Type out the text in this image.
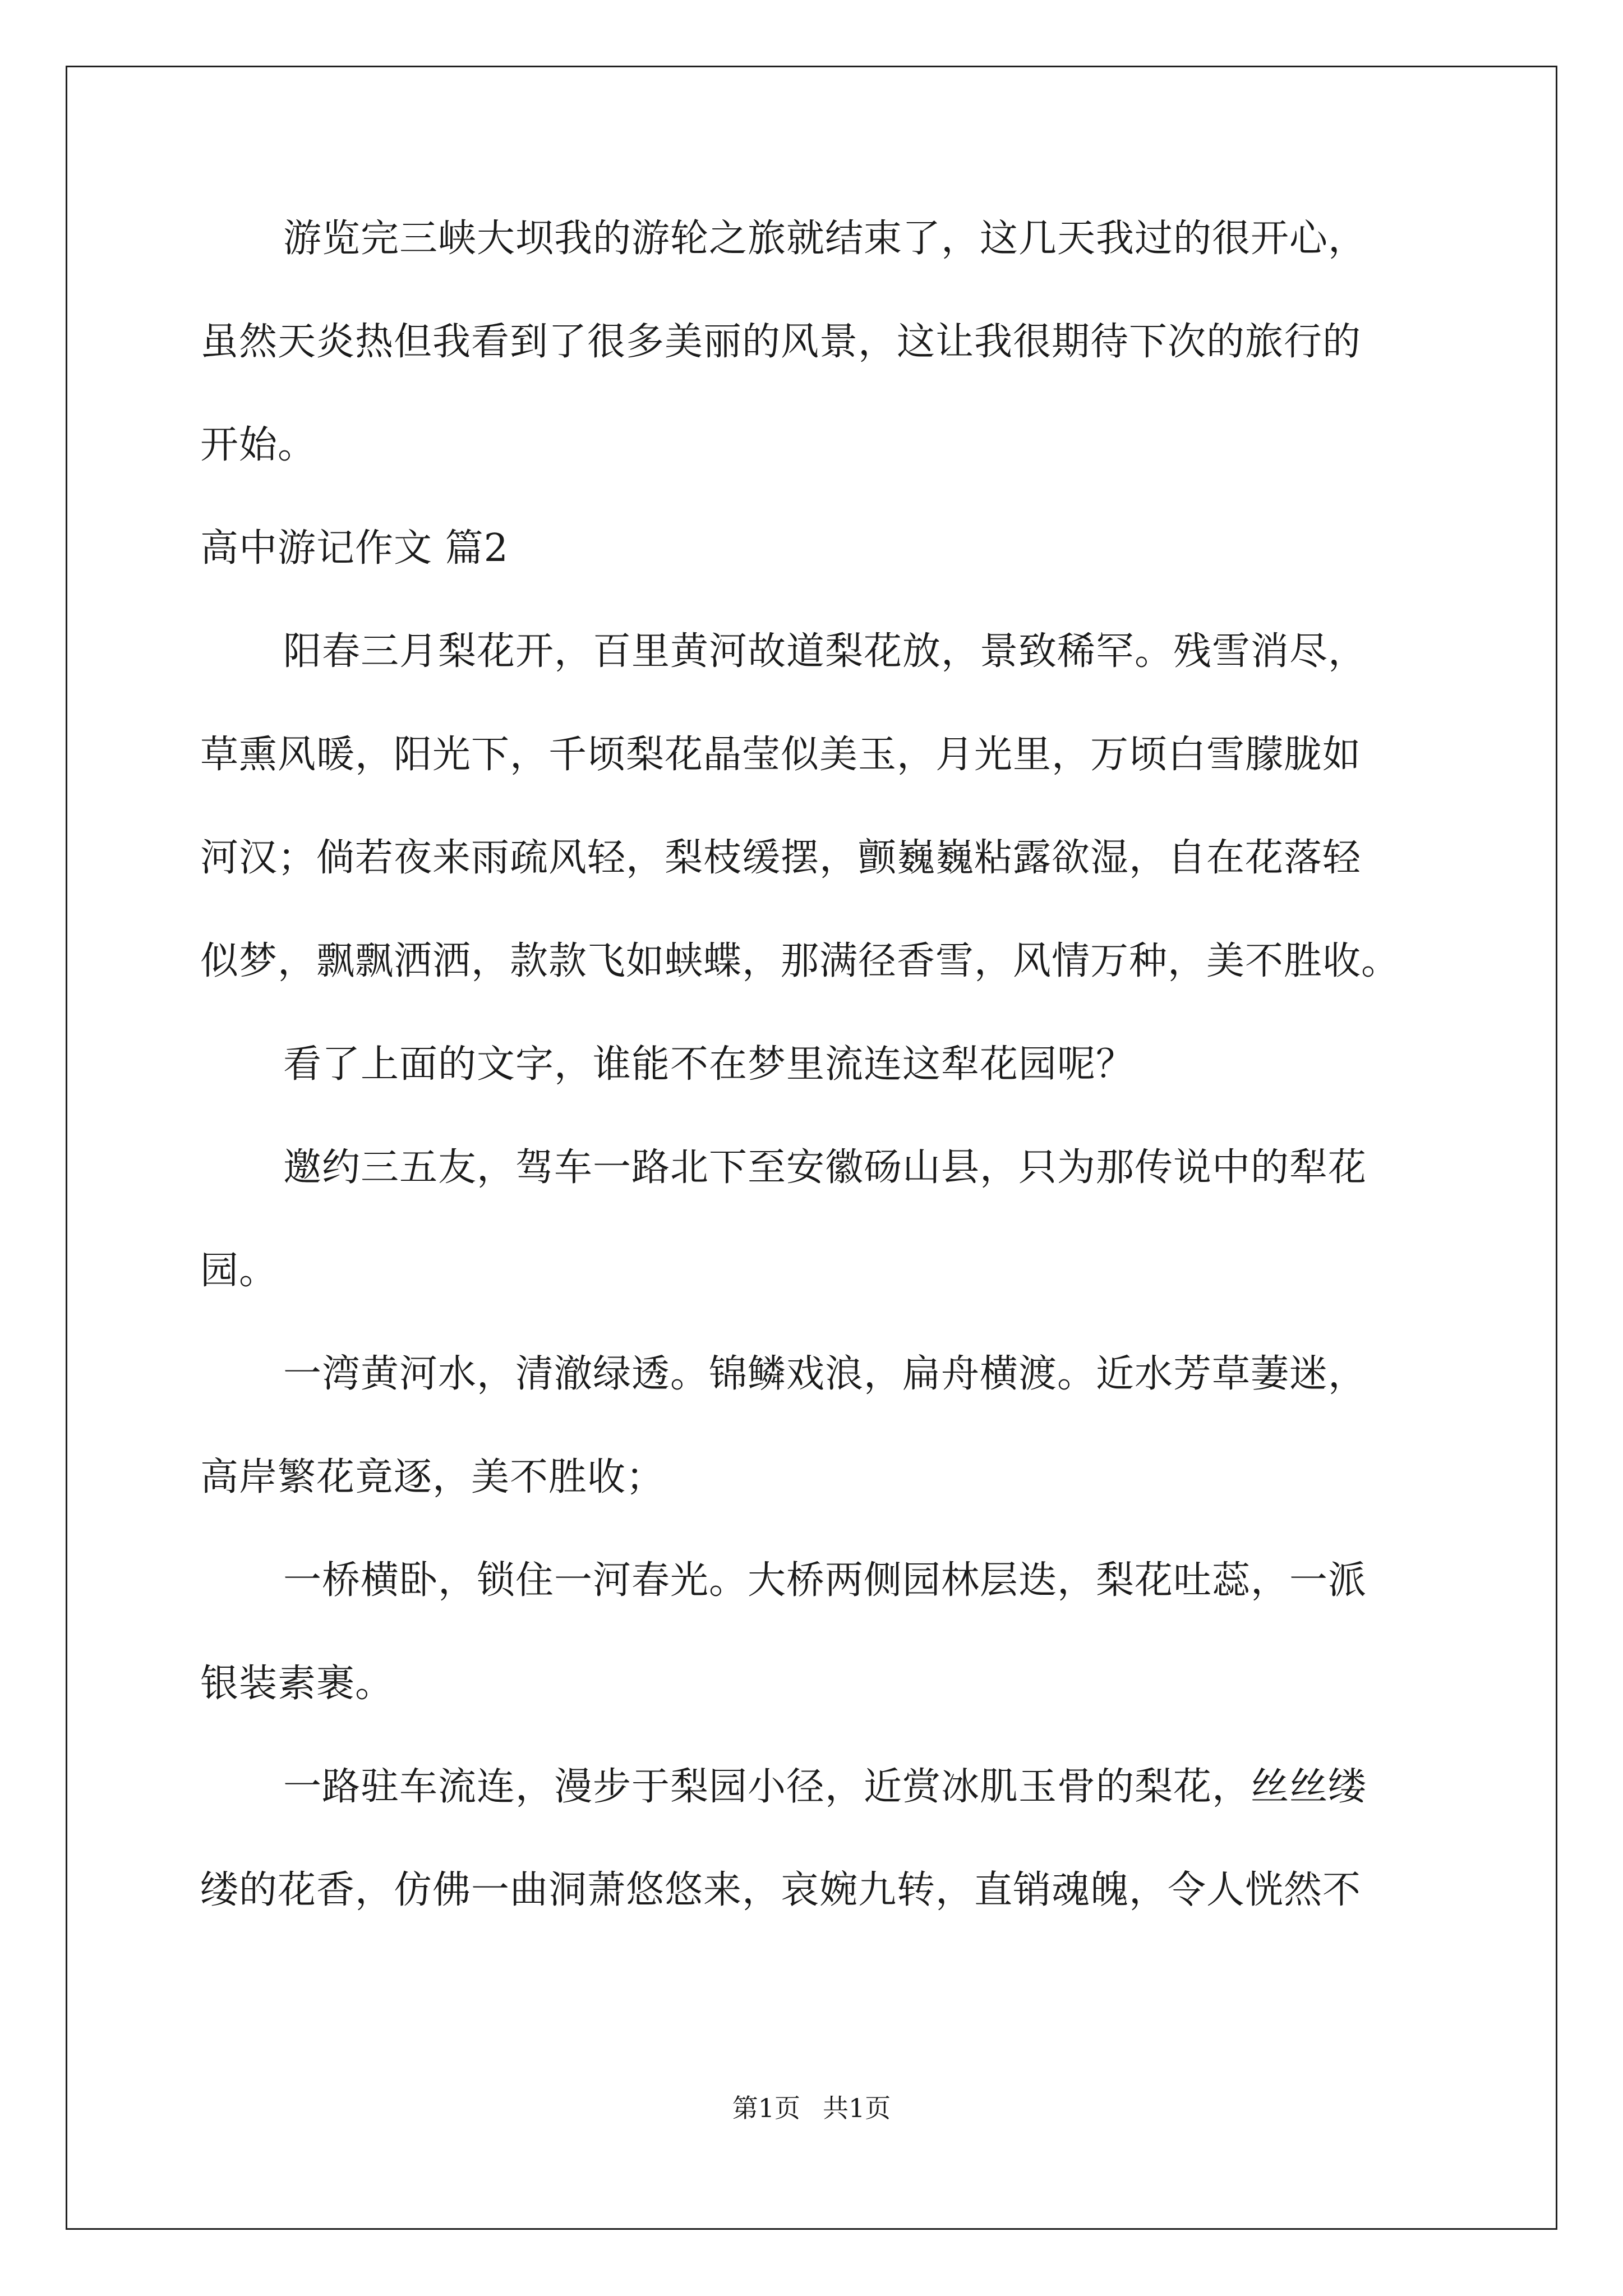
游览完三峡大坝我的游轮之旅就结束了，这几天我过的很开心，
虽然天炎热但我看到了很多美丽的风景，这让我很期待下次的旅行的
开始。
高中游记作文 篇2
阳春三月梨花开，百里黄河故道梨花放，景致稀罕。残雪消尽，
草熏风暖，阳光下，千顷梨花晶莹似美玉，月光里，万顷白雪朦胧如
河汉；倘若夜来雨疏风轻，梨枝缓摆，颤巍巍粘露欲湿，自在花落轻
似梦，飘飘洒洒，款款飞如蛱蝶，那满径香雪，风情万种，美不胜收。
看了上面的文字，谁能不在梦里流连这犁花园呢？
邀约三五友，驾车一路北下至安徽砀山县，只为那传说中的犁花
园。
一湾黄河水，清澈绿透。锦鳞戏浪，扁舟横渡。近水芳草萋迷，
高岸繁花竟逐，美不胜收；
一桥横卧，锁住一河春光。大桥两侧园林层迭，梨花吐蕊，一派
银装素裹。
一路驻车流连，漫步于梨园小径，近赏冰肌玉骨的梨花，丝丝缕
缕的花香，仿佛一曲洞萧悠悠来，哀婉九转，直销魂魄，令人恍然不
第1页 共1页
